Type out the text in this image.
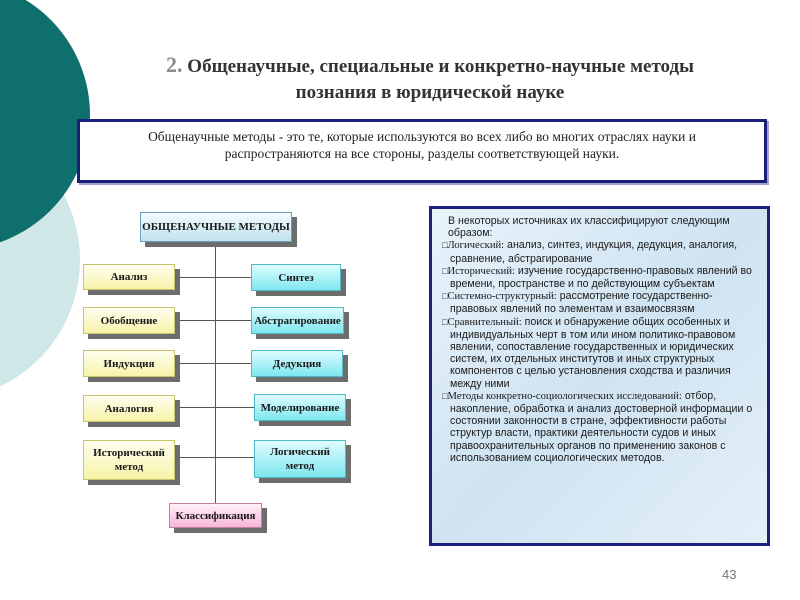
2. Общенаучные, специальные и конкретно-научные методы познания в юридической науке
Общенаучные методы - это те, которые используются во всех либо во многих отраслях науки и распространяются на все стороны, разделы соответствующей науки.
ОБЩЕНАУЧНЫЕ МЕТОДЫ
Анализ
Обобщение
Индукция
Аналогия
Исторический метод
Синтез
Абстрагирование
Дедукция
Моделирование
Логический метод
Классификация

В некоторых источниках их классифицируют следующим образом:

□Логический: анализ, синтез, индукция, дедукция, аналогия, сравнение, абстрагирование

□Исторический: изучение государственно-правовых явлений во времени, пространстве и по действующим субъектам

□Системно-структурный: рассмотрение государственно-правовых явлений по элементам и взаимосвязям

□Сравнительный: поиск и обнаружение общих особенных и индивидуальных черт в том или ином политико-правовом явлении, сопоставление государственных и юридических систем, их отдельных институтов и иных структурных компонентов с целью установления сходства и различия между ними

□Методы конкретно-социологических исследований: отбор, накопление, обработка и анализ достоверной информации о состоянии законности в стране, эффективности работы структур власти, практики деятельности судов и иных правоохранительных органов по применению законов с использованием социологических методов.

43
